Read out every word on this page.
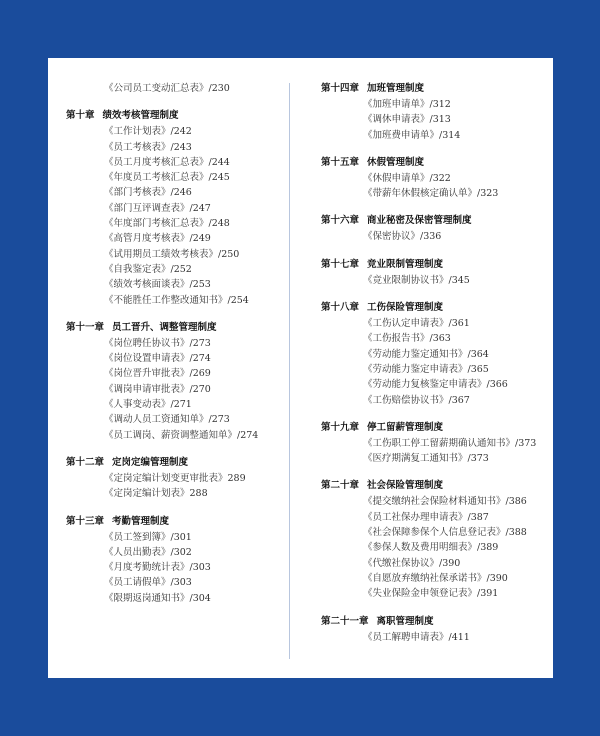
《公司员工变动汇总表》/230
第十章 绩效考核管理制度
《工作计划表》/242
《员工考核表》/243
《员工月度考核汇总表》/244
《年度员工考核汇总表》/245
《部门考核表》/246
《部门互评调查表》/247
《年度部门考核汇总表》/248
《高管月度考核表》/249
《试用期员工绩效考核表》/250
《自我鉴定表》/252
《绩效考核面谈表》/253
《不能胜任工作整改通知书》/254
第十一章 员工晋升、调整管理制度
《岗位聘任协议书》/273
《岗位设置申请表》/274
《岗位晋升审批表》/269
《调岗申请审批表》/270
《人事变动表》/271
《调动人员工资通知单》/273
《员工调岗、薪资调整通知单》/274
第十二章 定岗定编管理制度
《定岗定编计划变更审批表》289
《定岗定编计划表》288
第十三章 考勤管理制度
《员工签到簿》/301
《人员出勤表》/302
《月度考勤统计表》/303
《员工请假单》/303
《限期返岗通知书》/304
第十四章 加班管理制度
《加班申请单》/312
《调休申请表》/313
《加班费申请单》/314
第十五章 休假管理制度
《休假申请单》/322
《带薪年休假核定确认单》/323
第十六章 商业秘密及保密管理制度
《保密协议》/336
第十七章 竞业限制管理制度
《竞业限制协议书》/345
第十八章 工伤保险管理制度
《工伤认定申请表》/361
《工伤报告书》/363
《劳动能力鉴定通知书》/364
《劳动能力鉴定申请表》/365
《劳动能力复核鉴定申请表》/366
《工伤赔偿协议书》/367
第十九章 停工留薪管理制度
《工伤职工停工留薪期确认通知书》/373
《医疗期满复工通知书》/373
第二十章 社会保险管理制度
《提交缴纳社会保险材料通知书》/386
《员工社保办理申请表》/387
《社会保障参保个人信息登记表》/388
《参保人数及费用明细表》/389
《代缴社保协议》/390
《自愿放弃缴纳社保承诺书》/390
《失业保险金申领登记表》/391
第二十一章 离职管理制度
《员工解聘申请表》/411
